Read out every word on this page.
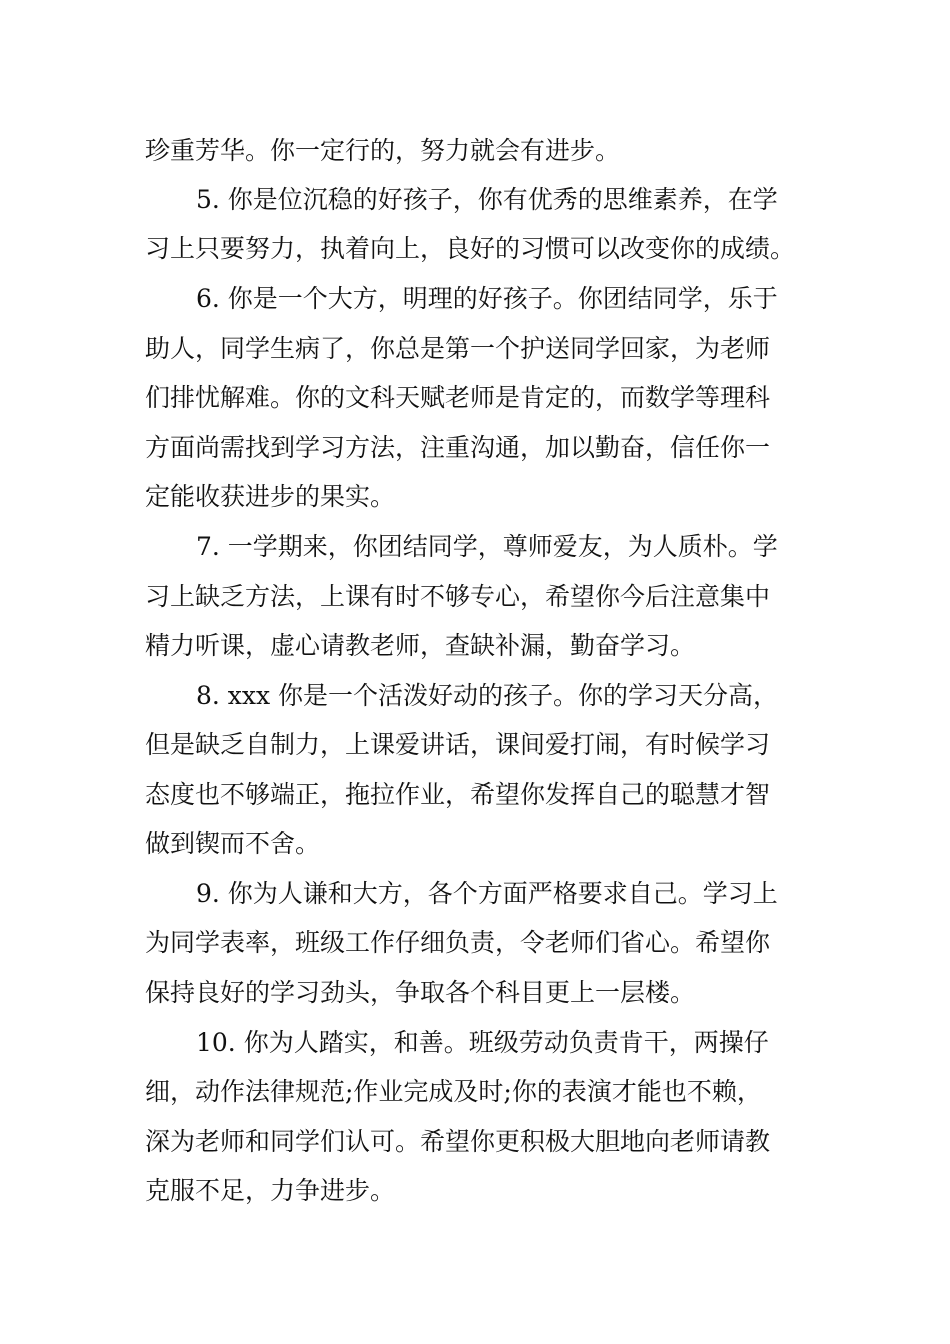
珍重芳华。你一定行的，努力就会有进步。
5. 你是位沉稳的好孩子，你有优秀的思维素养，在学
习上只要努力，执着向上，良好的习惯可以改变你的成绩。
6. 你是一个大方，明理的好孩子。你团结同学，乐于
助人，同学生病了，你总是第一个护送同学回家，为老师
们排忧解难。你的文科天赋老师是肯定的，而数学等理科
方面尚需找到学习方法，注重沟通，加以勤奋，信任你一
定能收获进步的果实。
7. 一学期来，你团结同学，尊师爱友，为人质朴。学
习上缺乏方法，上课有时不够专心，希望你今后注意集中
精力听课，虚心请教老师，查缺补漏，勤奋学习。
8. xxx 你是一个活泼好动的孩子。你的学习天分高，
但是缺乏自制力，上课爱讲话，课间爱打闹，有时候学习
态度也不够端正，拖拉作业，希望你发挥自己的聪慧才智
做到锲而不舍。
9. 你为人谦和大方，各个方面严格要求自己。学习上
为同学表率，班级工作仔细负责，令老师们省心。希望你
保持良好的学习劲头，争取各个科目更上一层楼。
10. 你为人踏实，和善。班级劳动负责肯干，两操仔
细，动作法律规范;作业完成及时;你的表演才能也不赖，
深为老师和同学们认可。希望你更积极大胆地向老师请教
克服不足，力争进步。
